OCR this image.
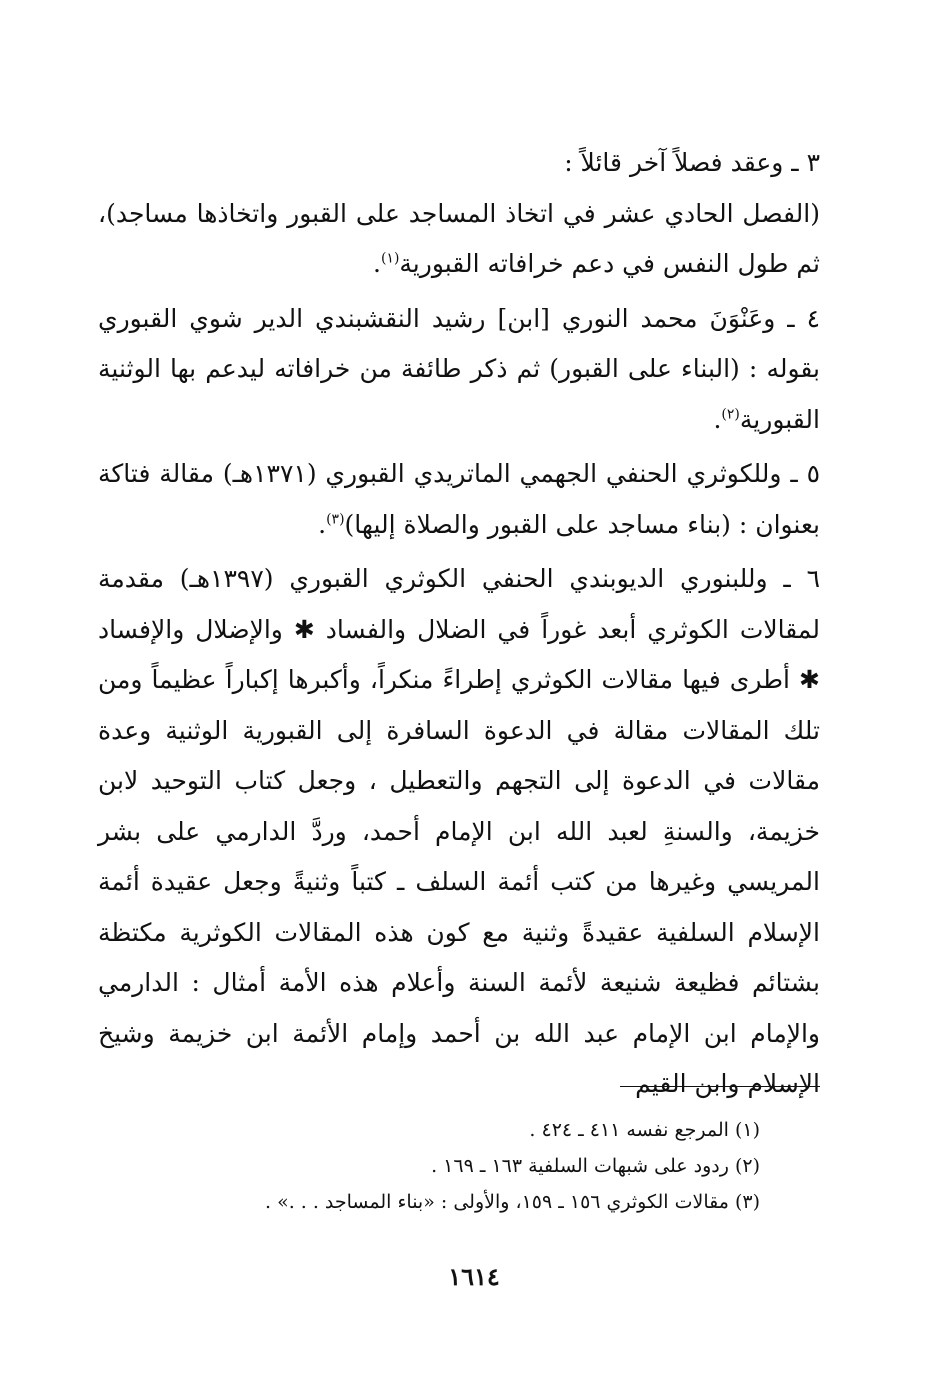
٣ ـ وعقد فصلاً آخر قائلاً :

(الفصل الحادي عشر في اتخاذ المساجد على القبور واتخاذها مساجد)، ثم طول النفس في دعم خرافاته القبورية$^{(١)}$.

٤ ـ وعَنْوَنَ محمد النوري [ابن] رشيد النقشبندي الدير شوي القبوري بقوله : (البناء على القبور) ثم ذكر طائفة من خرافاته ليدعم بها الوثنية القبورية$^{(٢)}$.

٥ ـ وللكوثري الحنفي الجهمي الماتريدي القبوري (١٣٧١هـ) مقالة فتاكة بعنوان : (بناء مساجد على القبور والصلاة إليها)$^{(٣)}$.

٦ ـ وللبنوري الديوبندي الحنفي الكوثري القبوري (١٣٩٧هـ) مقدمة لمقالات الكوثري أبعد غوراً في الضلال والفساد ✱ والإضلال والإفساد ✱ أطرى فيها مقالات الكوثري إطراءً منكراً، وأكبرها إكباراً عظيماً ومن تلك المقالات مقالة في الدعوة السافرة إلى القبورية الوثنية وعدة مقالات في الدعوة إلى التجهم والتعطيل ، وجعل كتاب التوحيد لابن خزيمة، والسنةِ لعبد الله ابن الإمام أحمد، وردَّ الدارمي على بشر المريسي وغيرها من كتب أئمة السلف ـ كتباً وثنيةً وجعل عقيدة أئمة الإسلام السلفية عقيدةً وثنية مع كون هذه المقالات الكوثرية مكتظة بشتائم فظيعة شنيعة لأئمة السنة وأعلام هذه الأمة أمثال : الدارمي والإمام ابن الإمام عبد الله بن أحمد وإمام الأئمة ابن خزيمة وشيخ الإسلام وابن القيم

(١) المرجع نفسه ٤١١ ـ ٤٢٤ .

(٢) ردود على شبهات السلفية ١٦٣ ـ ١٦٩ .

(٣) مقالات الكوثري ١٥٦ ـ ١٥٩، والأولى : «بناء المساجد . . .» .

١٦١٤
